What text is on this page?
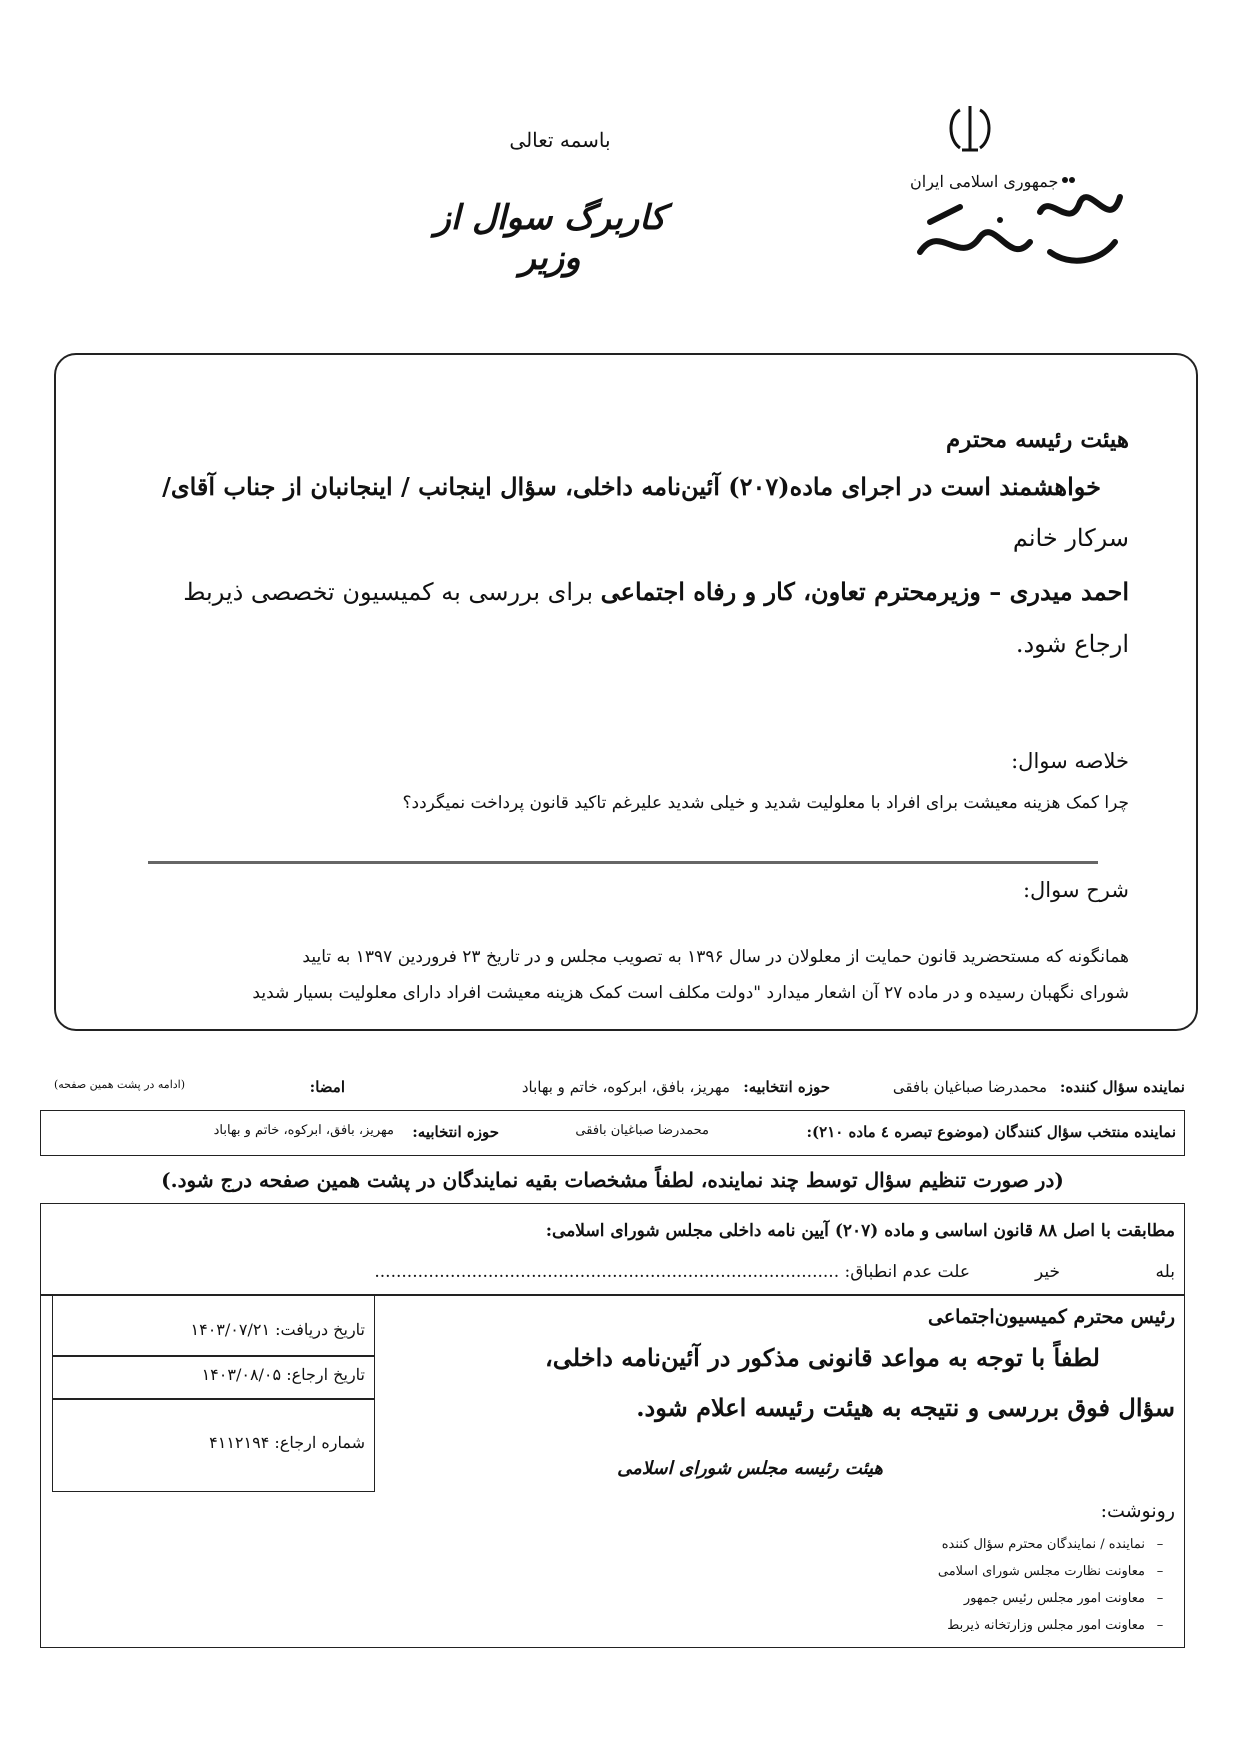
جمهوری اسلامی ایران
باسمه تعالی
کاربرگ سوال از وزیر
هیئت رئیسه محترم
خواهشمند است در اجرای ماده(۲۰۷) آئین‌نامه داخلی، سؤال اینجانب / اینجانبان از جناب آقای/
سرکار خانم
احمد میدری – وزیرمحترم تعاون، کار و رفاه اجتماعی برای بررسی به کمیسیون تخصصی ذیربط
ارجاع شود.
خلاصه سوال:
چرا کمک هزینه معیشت برای افراد با معلولیت شدید و خیلی شدید علیرغم تاکید قانون پرداخت نمیگردد؟
شرح سوال:
همانگونه که مستحضرید قانون حمایت از معلولان در سال ۱۳۹۶ به تصویب مجلس و در تاریخ ۲۳ فروردین ۱۳۹۷ به تایید
شورای نگهبان رسیده و در ماده ۲۷ آن اشعار میدارد "دولت مکلف است کمک هزینه معیشت افراد دارای معلولیت بسیار شدید
نماینده سؤال کننده:
محمدرضا صباغیان بافقی
حوزه انتخابیه:
مهریز، بافق، ابرکوه، خاتم و بهاباد
امضا:
(ادامه در پشت همین صفحه)
نماینده منتخب سؤال کنندگان (موضوع تبصره ٤ ماده ۲۱۰):
محمدرضا صباغیان بافقی
حوزه انتخابیه:
مهریز، بافق، ابرکوه، خاتم و بهاباد
(در صورت تنظیم سؤال توسط چند نماینده، لطفاً مشخصات بقیه نمایندگان در پشت همین صفحه درج شود.)
مطابقت با اصل ۸۸ قانون اساسی و ماده (۲۰۷) آیین نامه داخلی مجلس شورای اسلامی:
بله
خیر
علت عدم انطباق: ......................................................................................
تاریخ دریافت: ۱۴۰۳/۰۷/۲۱
تاریخ ارجاع: ۱۴۰۳/۰۸/۰۵
شماره ارجاع: ۴۱۱۲۱۹۴
رئیس محترم کمیسیون‌اجتماعی
لطفاً با توجه به مواعد قانونی مذکور در آئین‌نامه داخلی،
سؤال فوق بررسی و نتیجه به هیئت رئیسه اعلام شود.
هیئت رئیسه مجلس شورای اسلامی
رونوشت:
–نماینده / نمایندگان محترم سؤال کننده
–معاونت نظارت مجلس شورای اسلامی
–معاونت امور مجلس رئیس جمهور
–معاونت امور مجلس وزارتخانه ذیربط
